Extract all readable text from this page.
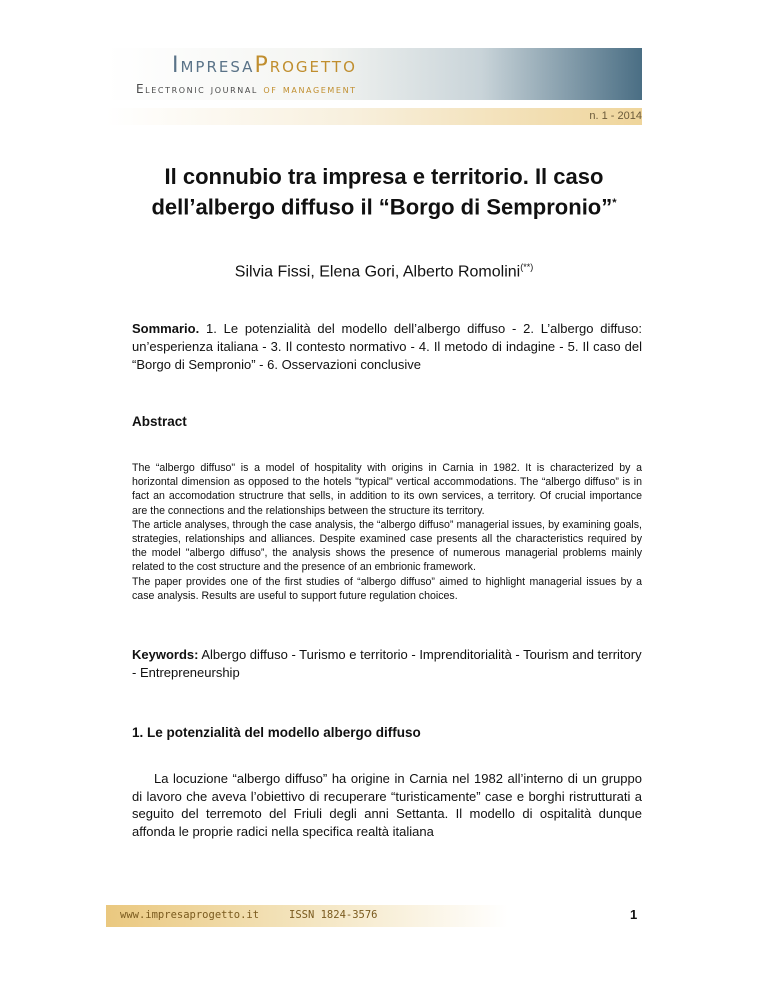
ImpresaProgetto
Electronic journal of management
n. 1 - 2014
Il connubio tra impresa e territorio. Il caso
dell’albergo diffuso il “Borgo di Sempronio”*
Silvia Fissi, Elena Gori, Alberto Romolini(**)
Sommario. 1. Le potenzialità del modello dell’albergo diffuso - 2. L’albergo diffuso: un’esperienza italiana - 3. Il contesto normativo - 4. Il metodo di indagine - 5. Il caso del “Borgo di Sempronio” - 6. Osservazioni conclusive
Abstract

The “albergo diffuso" is a model of hospitality with origins in Carnia in 1982. It is characterized by a horizontal dimension as opposed to the hotels "typical" vertical accommodations. The “albergo diffuso” is in fact an accomodation structrure that sells, in addition to its own services, a territory. Of crucial importance are the connections and the relationships between the structure its territory.

The article analyses, through the case analysis, the “albergo diffuso” managerial issues, by examining goals, strategies, relationships and alliances. Despite examined case presents all the characteristics required by the model "albergo diffuso”, the analysis shows the presence of numerous managerial problems mainly related to the cost structure and the presence of an embrionic framework.

The paper provides one of the first studies of “albergo diffuso” aimed to highlight managerial issues by a case analysis. Results are useful to support future regulation choices.

Keywords: Albergo diffuso - Turismo e territorio - Imprenditorialità - Tourism and territory - Entrepreneurship
1. Le potenzialità del modello albergo diffuso
La locuzione “albergo diffuso” ha origine in Carnia nel 1982 all’interno di un gruppo di lavoro che aveva l’obiettivo di recuperare “turisticamente” case e borghi ristrutturati a seguito del terremoto del Friuli degli anni Settanta. Il modello di ospitalità dunque affonda le proprie radici nella specifica realtà italiana
www.impresaprogetto.it	ISSN 1824-3576	1
